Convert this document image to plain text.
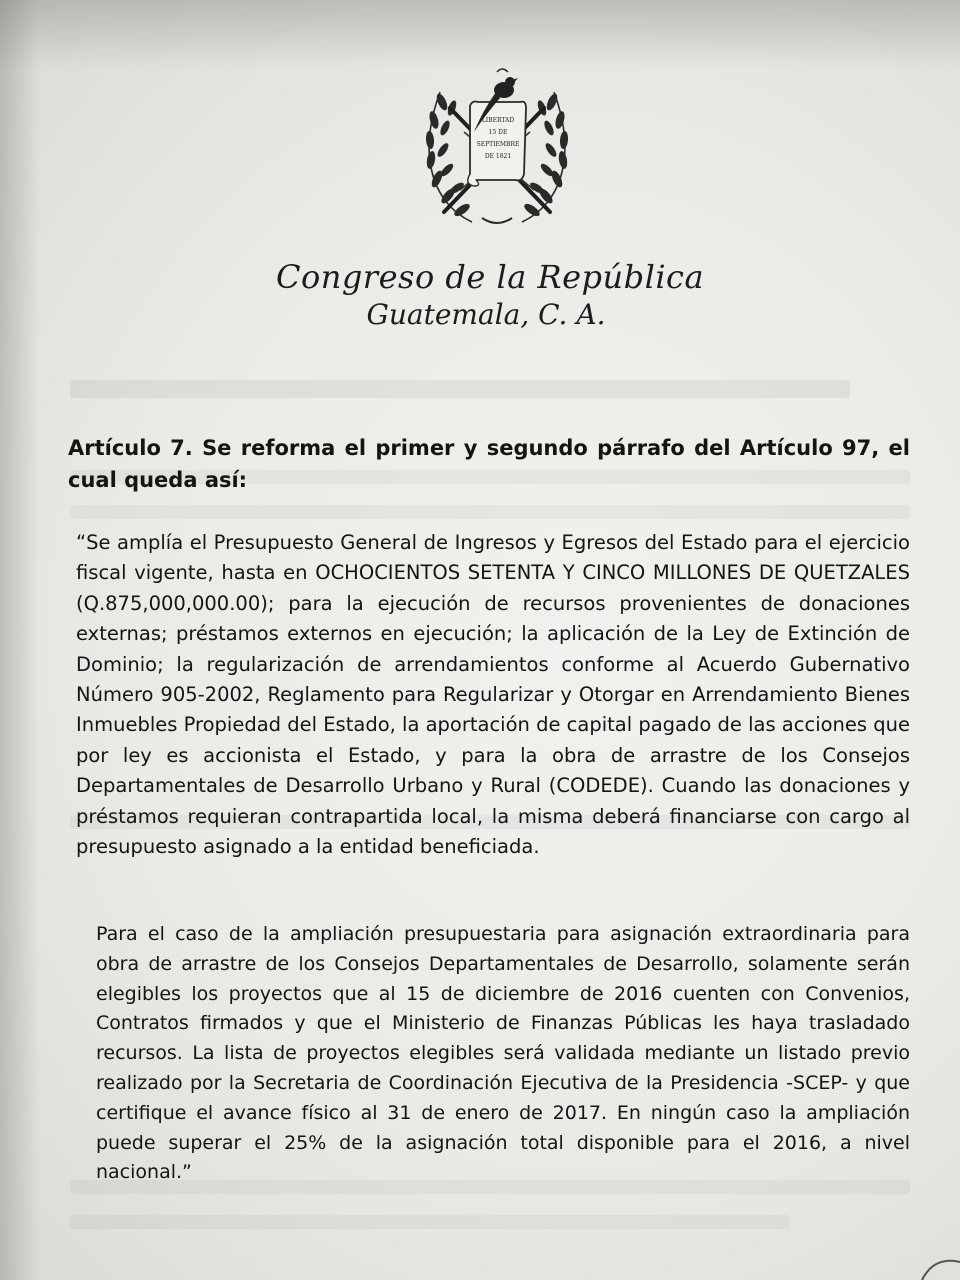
LIBERTAD
15 DE
SEPTIEMBRE
DE 1821
Congreso de la República
Guatemala, C. A.
Artículo 7. Se reforma el primer y segundo párrafo del Artículo 97, el cual queda así:
“Se amplía el Presupuesto General de Ingresos y Egresos del Estado para el ejercicio fiscal vigente, hasta en OCHOCIENTOS SETENTA Y CINCO MILLONES DE QUETZALES (Q.875,000,000.00); para la ejecución de recursos provenientes de donaciones externas; préstamos externos en ejecución; la aplicación de la Ley de Extinción de Dominio; la regularización de arrendamientos conforme al Acuerdo Gubernativo Número 905-2002, Reglamento para Regularizar y Otorgar en Arrendamiento Bienes Inmuebles Propiedad del Estado, la aportación de capital pagado de las acciones que por ley es accionista el Estado, y para la obra de arrastre de los Consejos Departamentales de Desarrollo Urbano y Rural (CODEDE). Cuando las donaciones y préstamos requieran contrapartida local, la misma deberá financiarse con cargo al presupuesto asignado a la entidad beneficiada.
Para el caso de la ampliación presupuestaria para asignación extraordinaria para obra de arrastre de los Consejos Departamentales de Desarrollo, solamente serán elegibles los proyectos que al 15 de diciembre de 2016 cuenten con Convenios, Contratos firmados y que el Ministerio de Finanzas Públicas les haya trasladado recursos. La lista de proyectos elegibles será validada mediante un listado previo realizado por la Secretaria de Coordinación Ejecutiva de la Presidencia -SCEP- y que certifique el avance físico al 31 de enero de 2017. En ningún caso la ampliación puede superar el 25% de la asignación total disponible para el 2016, a nivel nacional.”
